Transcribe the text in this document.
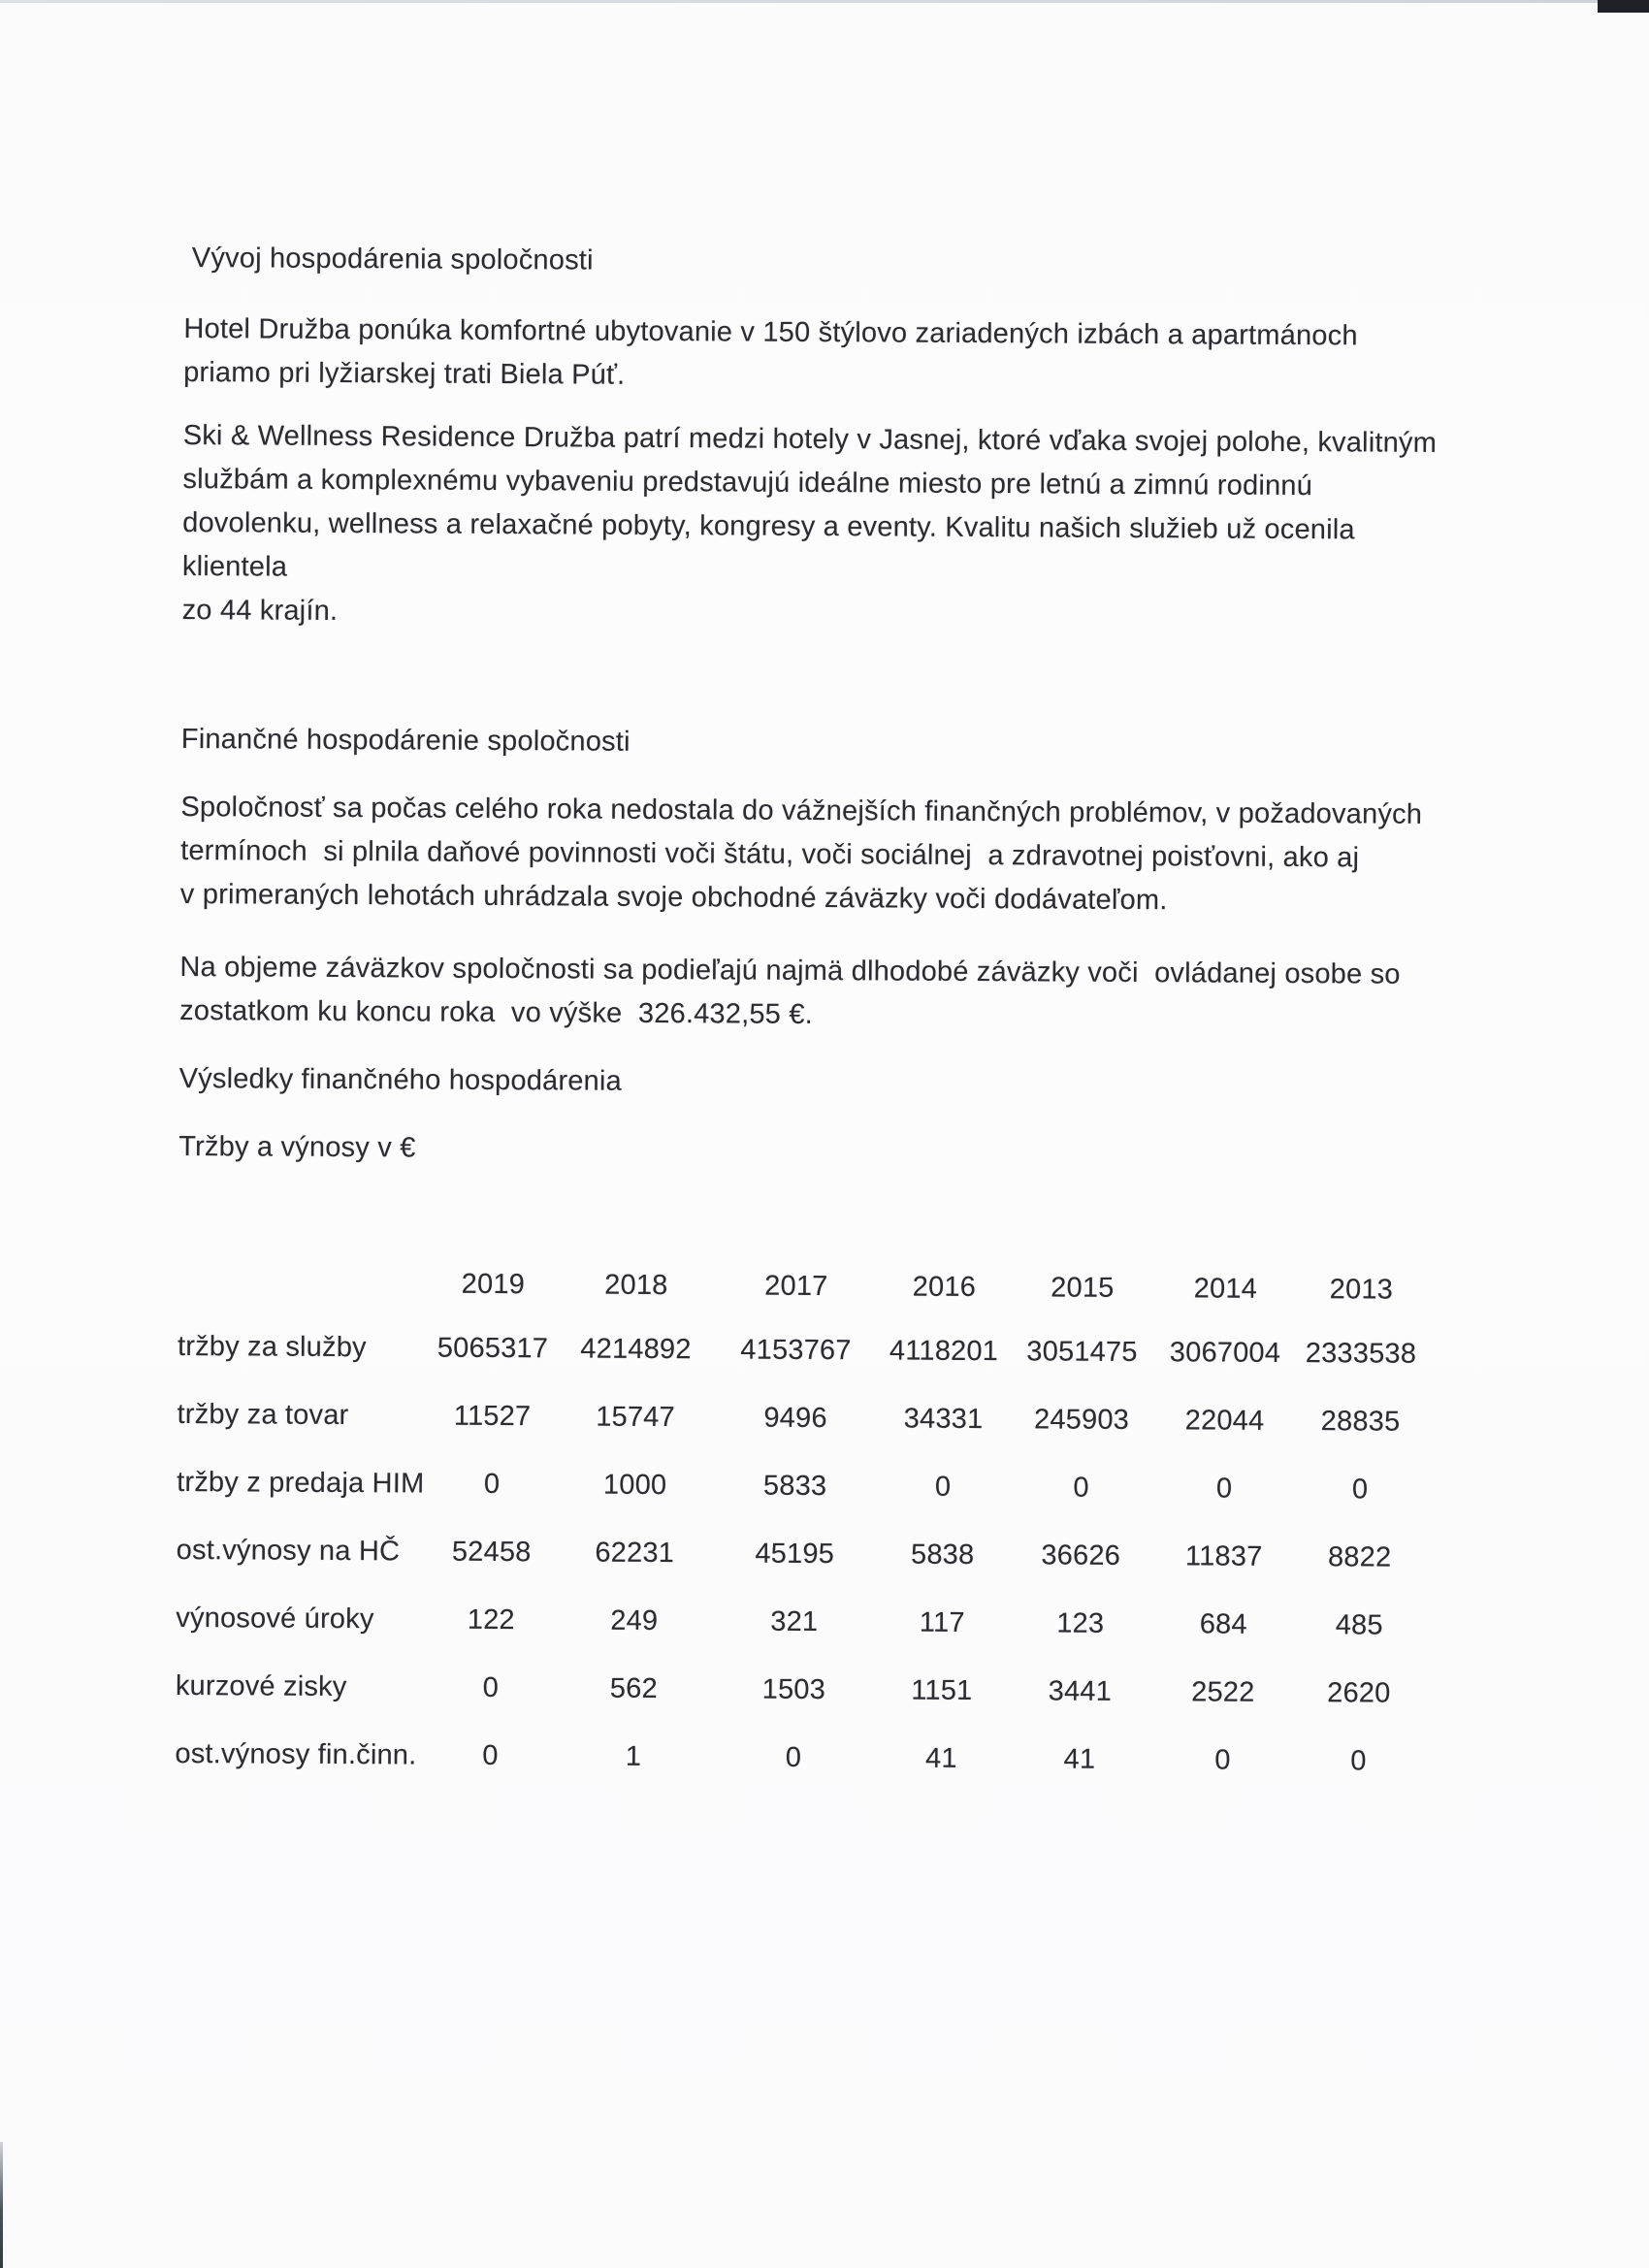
Vývoj hospodárenia spoločnosti

Hotel Družba ponúka komfortné ubytovanie v 150 štýlovo zariadených izbách a apartmánoch
priamo pri lyžiarskej trati Biela Púť.
Ski & Wellness Residence Družba patrí medzi hotely v Jasnej, ktoré vďaka svojej polohe, kvalitným
službám a komplexnému vybaveniu predstavujú ideálne miesto pre letnú a zimnú rodinnú
dovolenku, wellness a relaxačné pobyty, kongresy a eventy. Kvalitu našich služieb už ocenila klientela
zo 44 krajín.

Finančné hospodárenie spoločnosti

Spoločnosť sa počas celého roka nedostala do vážnejších finančných problémov, v požadovaných
termínoch  si plnila daňové povinnosti voči štátu, voči sociálnej  a zdravotnej poisťovni, ako aj
v primeraných lehotách uhrádzala svoje obchodné záväzky voči dodávateľom.
Na objeme záväzkov spoločnosti sa podieľajú najmä dlhodobé záväzky voči  ovládanej osobe so
zostatkom ku koncu roka  vo výške  326.432,55 €.

Výsledky finančného hospodárenia

Tržby a výnosy v €

2019	2018	2017	2016	2015	2014	2013
tržby za služby	5065317	4214892	4153767	4118201	3051475	3067004 2333538
tržby za tovar	11527	15747	9496	34331	245903	22044	28835
tržby z predaja HIM	0	1000	5833	0	0	0	0
ost.výnosy na HČ	52458	62231	45195	5838	36626	11837	8822
výnosové úroky	122	249	321	117	123	684	485
kurzové zisky	0	562	1503	1151	3441	2522	2620
ost.výnosy fin.činn.	0	1	0	41	41	0	0
